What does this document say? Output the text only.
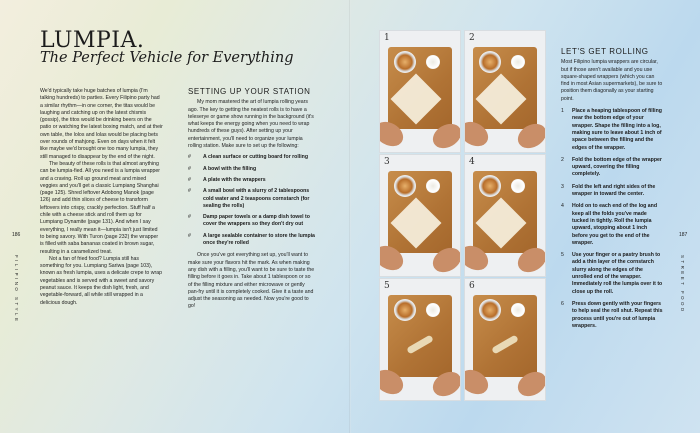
LUMPIA.
The Perfect Vehicle for Everything

We'd typically take huge batches of lumpia (I'm talking hundreds) to parties. Every Filipino party had a similar rhythm—in one corner, the titas would be laughing and catching up on the latest chismis (gossip), the titos would be drinking beers on the patio or watching the latest boxing match, and at their own table, the lolos and lolas would be placing bets over rounds of mahjong. Even on days when it felt like maybe we'd brought one too many lumpia, they still managed to disappear by the end of the night.

The beauty of these rolls is that almost anything can be lumpia-fied. All you need is a lumpia wrapper and a craving. Roll up ground meat and mixed veggies and you'll get a classic Lumpiang Shanghai (page 125). Shred leftover Adobong Manok (page 126) and add thin slices of cheese to transform leftovers into crispy, crackly perfection. Stuff half a chile with a cheese stick and roll them up for Lumpiang Dynamite (page 131). And when I say everything, I really mean it—lumpia isn't just limited to being savory. With Turon (page 232) the wrapper is filled with saba bananas coated in brown sugar, resulting in a caramelized treat.

Not a fan of fried food? Lumpia still has something for you. Lumpiang Sariwa (page 103), known as fresh lumpia, uses a delicate crepe to wrap vegetables and is served with a sweet and savory peanut sauce. It keeps the dish light, fresh, and vegetable-forward, all while still wrapped in a delicious dough.

SETTING UP YOUR STATION

My mom mastered the art of lumpia rolling years ago. The key to getting the neatest rolls is to have a teleserye or game show running in the background (it's what keeps the energy going when you need to wrap hundreds of these guys). After setting up your entertainment, you'll need to organize your lumpia rolling station. Make sure to set up the following:

# A clean surface or cutting board for rolling
# A bowl with the filling
# A plate with the wrappers
# A small bowl with a slurry of 2 tablespoons cold water and 2 teaspoons cornstarch (for sealing the rolls)
# Damp paper towels or a damp dish towel to cover the wrappers so they don't dry out
# A large sealable container to store the lumpia once they're rolled

Once you've got everything set up, you'll want to make sure your flavors hit the mark. As when making any dish with a filling, you'll want to be sure to taste the filling before it goes in. Take about 1 tablespoon or so of the filling mixture and either microwave or gently pan-fry until it is completely cooked. Give it a taste and adjust the seasoning as needed. Now you're good to go!

186
FILIPINO STYLE
1	2
3	4
5	6
LET'S GET ROLLING

Most Filipino lumpia wrappers are circular, but if those aren't available and you use square-shaped wrappers (which you can find in most Asian supermarkets), be sure to position them diagonally as your starting point.

1 Place a heaping tablespoon of filling near the bottom edge of your wrapper. Shape the filling into a log, making sure to leave about 1 inch of space between the filling and the edges of the wrapper.
2 Fold the bottom edge of the wrapper upward, covering the filling completely.
3 Fold the left and right sides of the wrapper in toward the center.
4 Hold on to each end of the log and keep all the folds you've made tucked in tightly. Roll the lumpia upward, stopping about 1 inch before you get to the end of the wrapper.
5 Use your finger or a pastry brush to add a thin layer of the cornstarch slurry along the edges of the unrolled end of the wrapper. Immediately roll the lumpia over it to close up the roll.
6 Press down gently with your fingers to help seal the roll shut. Repeat this process until you're out of lumpia wrappers.
187
STREET FOOD
